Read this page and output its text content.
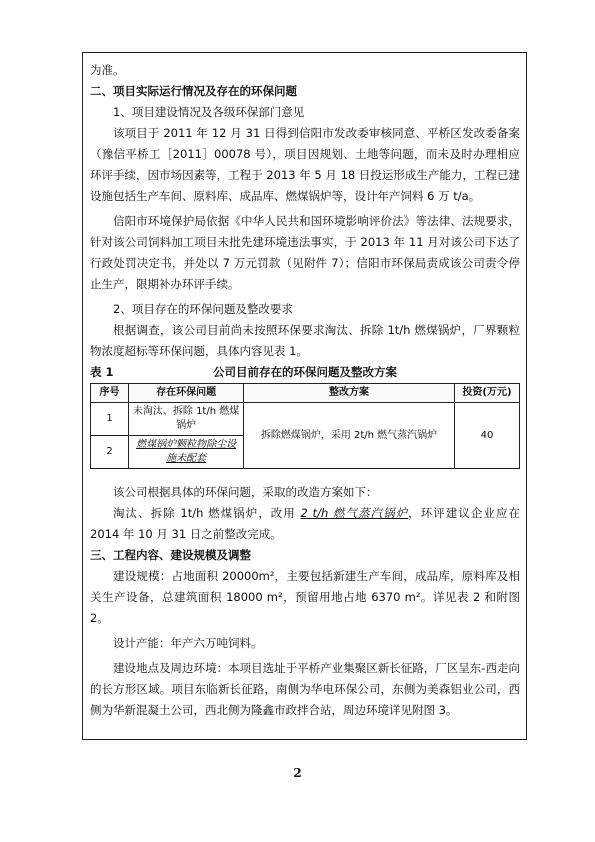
为准。

二、项目实际运行情况及存在的环保问题

1、项目建设情况及各级环保部门意见

该项目于 2011 年 12 月 31 日得到信阳市发改委审核同意、平桥区发改委备案（豫信平桥工［2011］00078 号），项目因规划、土地等问题，而未及时办理相应环评手续，因市场因素等，工程于 2013 年 5 月 18 日投运形成生产能力，工程已建设施包括生产车间、原料库、成品库、燃煤锅炉等，设计年产饲料 6 万 t/a。

信阳市环境保护局依据《中华人民共和国环境影响评价法》等法律、法规要求，针对该公司饲料加工项目未批先建环境违法事实，于 2013 年 11 月对该公司下达了行政处罚决定书，并处以 7 万元罚款（见附件 7）；信阳市环保局责成该公司责令停止生产，限期补办环评手续。

2、项目存在的环保问题及整改要求

根据调查，该公司目前尚未按照环保要求淘汰、拆除 1t/h 燃煤锅炉，厂界颗粒物浓度超标等环保问题，具体内容见表 1。

表 1	公司目前存在的环保问题及整改方案
序号	存在环保问题	整改方案	投资(万元)
1	未淘汰、拆除 1t/h 燃煤锅炉	拆除燃煤锅炉，采用 2t/h 燃气蒸汽锅炉	40
2	燃煤锅炉颗粒物除尘设施未配套		

该公司根据具体的环保问题，采取的改造方案如下：

淘汰、拆除 1t/h 燃煤锅炉，改用 2 t/h 燃气蒸汽锅炉，环评建议企业应在 2014 年 10 月 31 日之前整改完成。

三、工程内容、建设规模及调整

建设规模：占地面积 20000m²，主要包括新建生产车间，成品库，原料库及相关生产设备，总建筑面积 18000 m²，预留用地占地 6370 m²。详见表 2 和附图 2。

设计产能：年产六万吨饲料。

建设地点及周边环境：本项目选址于平桥产业集聚区新长征路，厂区呈东-西走向的长方形区域。项目东临新长征路，南侧为华电环保公司，东侧为美森铝业公司，西侧为华新混凝土公司，西北侧为隆鑫市政拌合站，周边环境详见附图 3。

2
